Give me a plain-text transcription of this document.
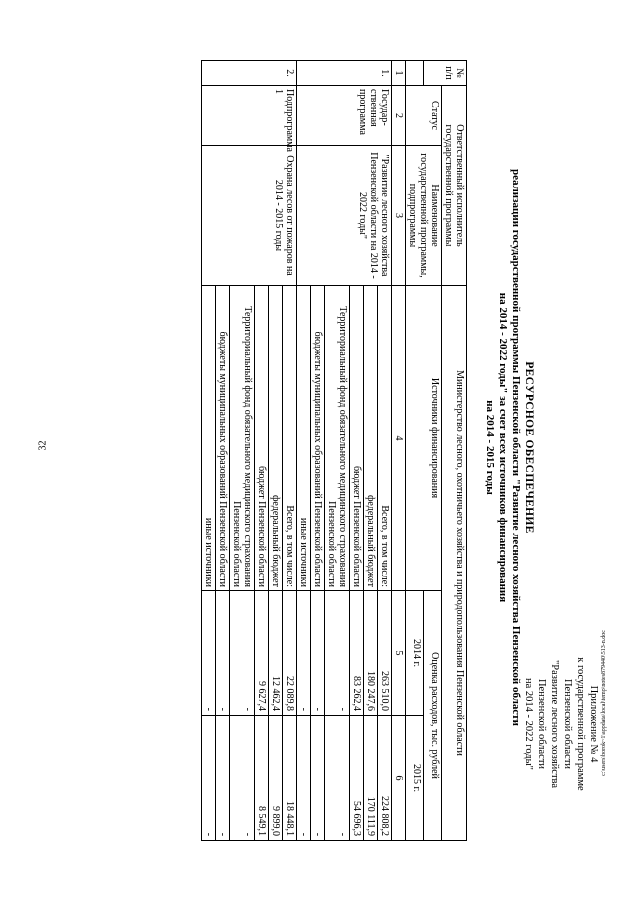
32
c:\users\borok~1\appdata\local\temp\notes879440\513-n.doc
Приложение № 4
к государственной программе
Пензенской области
"Развитие лесного хозяйства
Пензенской области
на 2014 - 2022 годы"
РЕСУРСНОЕ ОБЕСПЕЧЕНИЕ
реализации государственной программы Пензенской области "Развитие лесного хозяйства Пензенской области
на 2014 - 2022 годы" за счет всех источников финансирования
на 2014 - 2015 годы
№ п/п	Ответственный исполнитель государственной программы		Министерство лесного, охотничьего хозяйства и природопользования Пензенской области		
	Статус	Наименование государственной программы, подпрограммы	Источники финансирования	Оценка расходов, тыс. рублей	
				2014 г.	2015 г.
1	2	3	4	5	6
1.	Государ-ственная программа	"Развитие лесного хозяйства Пензенской области на 2014 - 2022 годы"	Всего, в том числе:	263 510,0	224 808,2
			федеральный бюджет	180 247,6	170 111,9
			бюджет Пензенской области	83 262,4	54 696,3
			Территориальный фонд обязательного медицинского страхования Пензенской области	-	-
			бюджеты муниципальных образований Пензенской области	-	-
			иные источники	-	-
2.	Подпрограмма 1	Охрана лесов от пожаров на 2014 - 2015 годы	Всего, в том числе:	22 089,8	18 448,1
			федеральный бюджет	12 462,4	9 899,0
			бюджет Пензенской области	9 627,4	8 549,1
			Территориальный фонд обязательного медицинского страхования Пензенской области	-	-
			бюджеты муниципальных образований Пензенской области	-	-
			иные источники	-	-
